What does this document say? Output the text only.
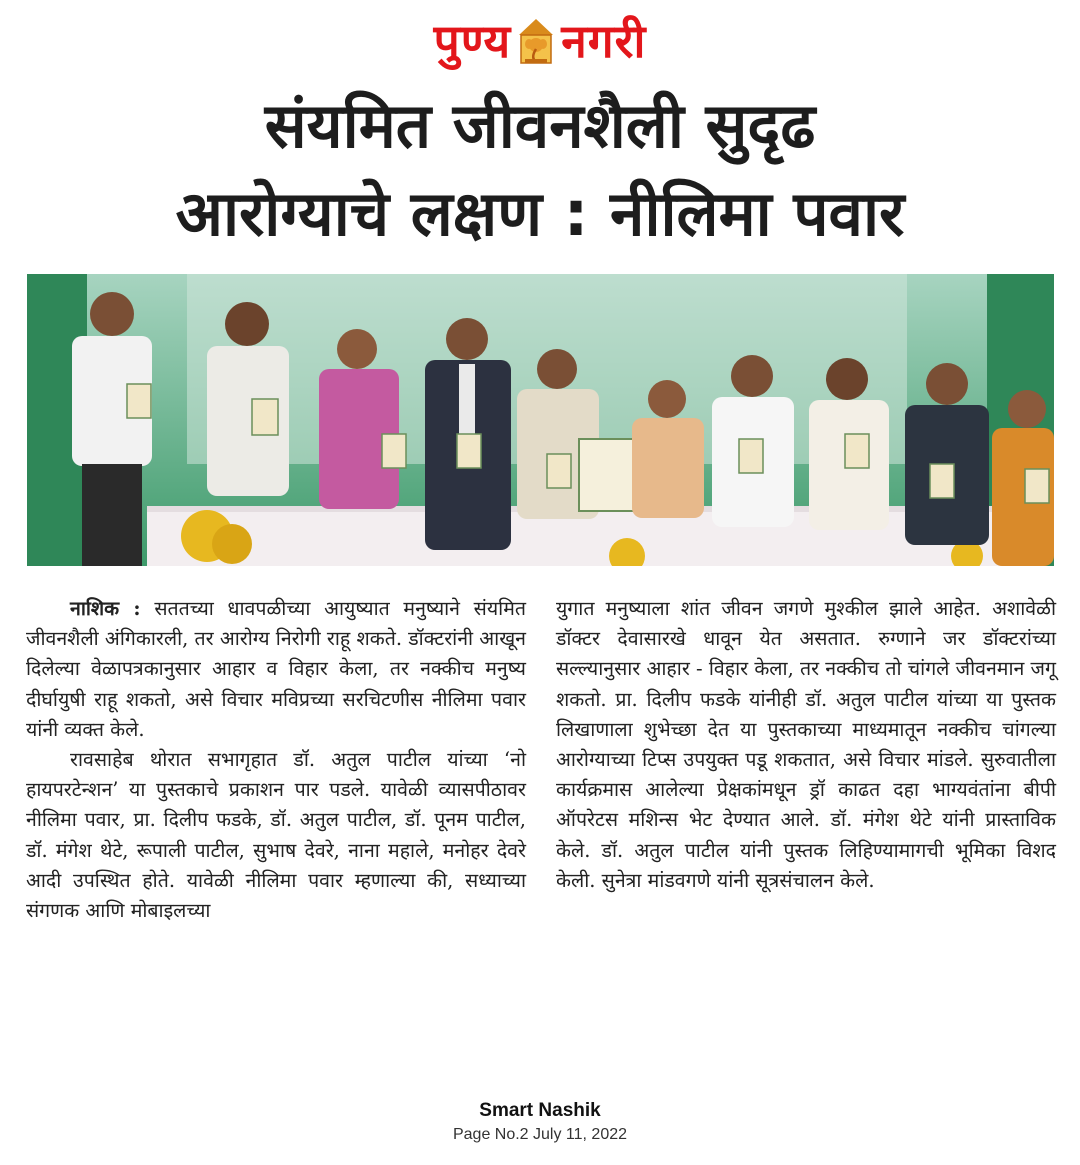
पुण्य नगरी
संयमित जीवनशैली सुदृढ
आरोग्याचे लक्षण : नीलिमा पवार

नाशिक : सततच्या धावपळीच्या आयुष्यात मनुष्याने संयमित जीवनशैली अंगिकारली, तर आरोग्य निरोगी राहू शकते. डॉक्टरांनी आखून दिलेल्या वेळापत्रकानुसार आहार व विहार केला, तर नक्कीच मनुष्य दीर्घायुषी राहू शकतो, असे विचार मविप्रच्या सरचिटणीस नीलिमा पवार यांनी व्यक्त केले.

रावसाहेब थोरात सभागृहात डॉ. अतुल पाटील यांच्या ‘नो हायपरटेन्शन’ या पुस्तकाचे प्रकाशन पार पडले. यावेळी व्यासपीठावर नीलिमा पवार, प्रा. दिलीप फडके, डॉ. अतुल पाटील, डॉ. पूनम पाटील, डॉ. मंगेश थेटे, रूपाली पाटील, सुभाष देवरे, नाना महाले, मनोहर देवरे आदी उपस्थित होते. यावेळी नीलिमा पवार म्हणाल्या की, सध्याच्या संगणक आणि मोबाइलच्या

युगात मनुष्याला शांत जीवन जगणे मुश्कील झाले आहेत. अशावेळी डॉक्टर देवासारखे धावून येत असतात. रुग्णाने जर डॉक्टरांच्या सल्ल्यानुसार आहार - विहार केला, तर नक्कीच तो चांगले जीवनमान जगू शकतो. प्रा. दिलीप फडके यांनीही डॉ. अतुल पाटील यांच्या या पुस्तक लिखाणाला शुभेच्छा देत या पुस्तकाच्या माध्यमातून नक्कीच चांगल्या आरोग्याच्या टिप्स उपयुक्त पडू शकतात, असे विचार मांडले. सुरुवातीला कार्यक्रमास आलेल्या प्रेक्षकांमधून ड्रॉ काढत दहा भाग्यवंतांना बीपी ऑपरेटस मशिन्स भेट देण्यात आले. डॉ. मंगेश थेटे यांनी प्रास्ताविक केले. डॉ. अतुल पाटील यांनी पुस्तक लिहिण्यामागची भूमिका विशद केली. सुनेत्रा मांडवगणे यांनी सूत्रसंचालन केले.

Smart Nashik
Page No.2 July 11, 2022
